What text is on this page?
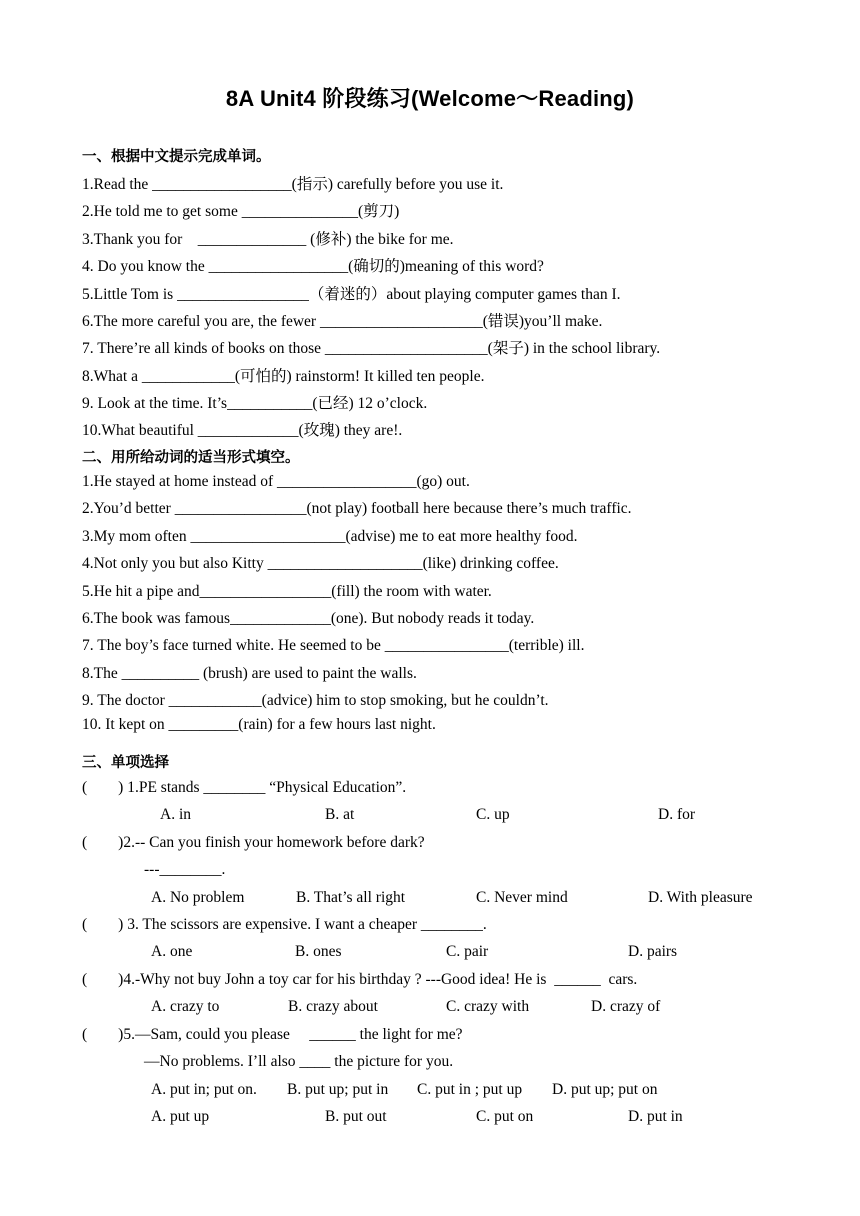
8A Unit4 阶段练习(Welcome～Reading)
一、根据中文提示完成单词。
1.Read the __________________(指示) carefully before you use it.
2.He told me to get some _______________(剪刀)
3.Thank you for    ______________ (修补) the bike for me.
4. Do you know the __________________(确切的)meaning of this word?
5.Little Tom is _________________（着迷的）about playing computer games than I.
6.The more careful you are, the fewer _____________________(错误)you’ll make.
7. There’re all kinds of books on those _____________________(架子) in the school library.
8.What a ____________(可怕的) rainstorm! It killed ten people.
9. Look at the time. It’s___________(已经) 12 o’clock.
10.What beautiful _____________(玫瑰) they are!.
二、用所给动词的适当形式填空。
1.He stayed at home instead of __________________(go) out.
2.You’d better _________________(not play) football here because there’s much traffic.
3.My mom often ____________________(advise) me to eat more healthy food.
4.Not only you but also Kitty ____________________(like) drinking coffee.
5.He hit a pipe and_________________(fill) the room with water.
6.The book was famous_____________(one). But nobody reads it today.
7. The boy’s face turned white. He seemed to be ________________(terrible) ill.
8.The __________ (brush) are used to paint the walls.
9. The doctor ____________(advice) him to stop smoking, but he couldn’t.
10. It kept on _________(rain) for a few hours last night.
三、单项选择
(        ) 1.PE stands ________ “Physical Education”.
A. in	B. at	C. up	D. for
(        )2.-- Can you finish your homework before dark?
---________.
A. No problem	B. That’s all right	C. Never mind	D. With pleasure
(        ) 3. The scissors are expensive. I want a cheaper ________.
A. one	B. ones	C. pair	D. pairs
(        )4.-Why not buy John a toy car for his birthday ? ---Good idea! He is  ______  cars.
A. crazy to	B. crazy about	C. crazy with	D. crazy of
(        )5.—Sam, could you please     ______ the light for me?
—No problems. I’ll also ____ the picture for you.
A. put in; put on. B. put up; put in C. put in ; put up D. put up; put on
A. put up	B. put out	C. put on	D. put in
